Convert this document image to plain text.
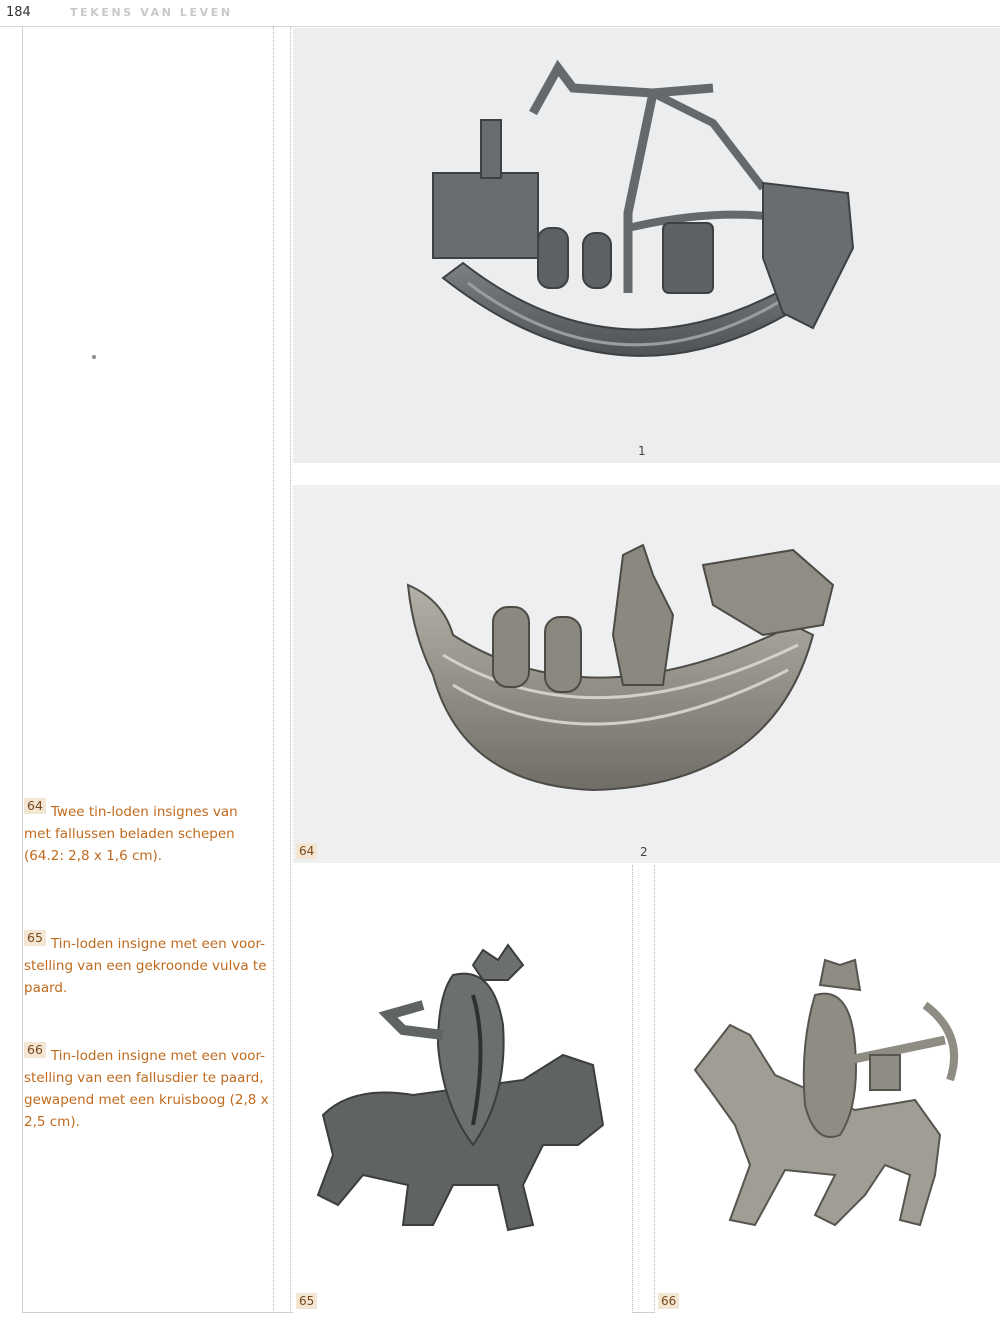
184	TEKENS VAN LEVEN
1
64	2
65	66
64 Twee tin-loden insignes van
met fallussen beladen schepen
(64.2: 2,8 x 1,6 cm).
65 Tin-loden insigne met een voor-
stelling van een gekroonde vulva te
paard.
66 Tin-loden insigne met een voor-
stelling van een fallusdier te paard,
gewapend met een kruisboog (2,8 x
2,5 cm).
